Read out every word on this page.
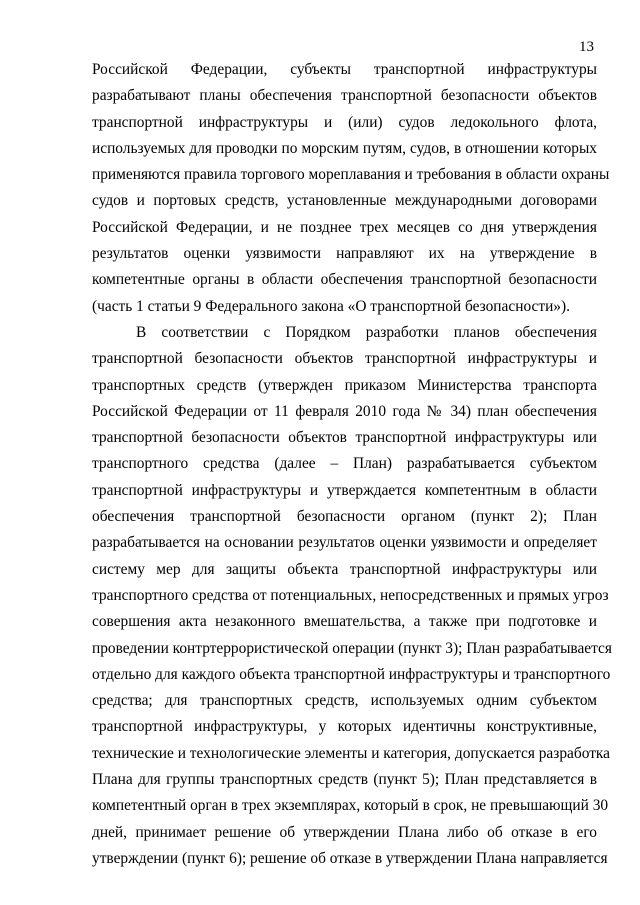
13
Российской Федерации, субъекты транспортной инфраструктуры
разрабатывают планы обеспечения транспортной безопасности объектов
транспортной инфраструктуры и (или) судов ледокольного флота,
используемых для проводки по морским путям, судов, в отношении которых
применяются правила торгового мореплавания и требования в области охраны
судов и портовых средств, установленные международными договорами
Российской Федерации, и не позднее трех месяцев со дня утверждения
результатов оценки уязвимости направляют их на утверждение в
компетентные органы в области обеспечения транспортной безопасности
(часть 1 статьи 9 Федерального закона «О транспортной безопасности»).
В соответствии с Порядком разработки планов обеспечения
транспортной безопасности объектов транспортной инфраструктуры и
транспортных средств (утвержден приказом Министерства транспорта
Российской Федерации от 11 февраля 2010 года № 34) план обеспечения
транспортной безопасности объектов транспортной инфраструктуры или
транспортного средства (далее – План) разрабатывается субъектом
транспортной инфраструктуры и утверждается компетентным в области
обеспечения транспортной безопасности органом (пункт 2); План
разрабатывается на основании результатов оценки уязвимости и определяет
систему мер для защиты объекта транспортной инфраструктуры или
транспортного средства от потенциальных, непосредственных и прямых угроз
совершения акта незаконного вмешательства, а также при подготовке и
проведении контртеррористической операции (пункт 3); План разрабатывается
отдельно для каждого объекта транспортной инфраструктуры и транспортного
средства; для транспортных средств, используемых одним субъектом
транспортной инфраструктуры, у которых идентичны конструктивные,
технические и технологические элементы и категория, допускается разработка
Плана для группы транспортных средств (пункт 5); План представляется в
компетентный орган в трех экземплярах, который в срок, не превышающий 30
дней, принимает решение об утверждении Плана либо об отказе в его
утверждении (пункт 6); решение об отказе в утверждении Плана направляется
